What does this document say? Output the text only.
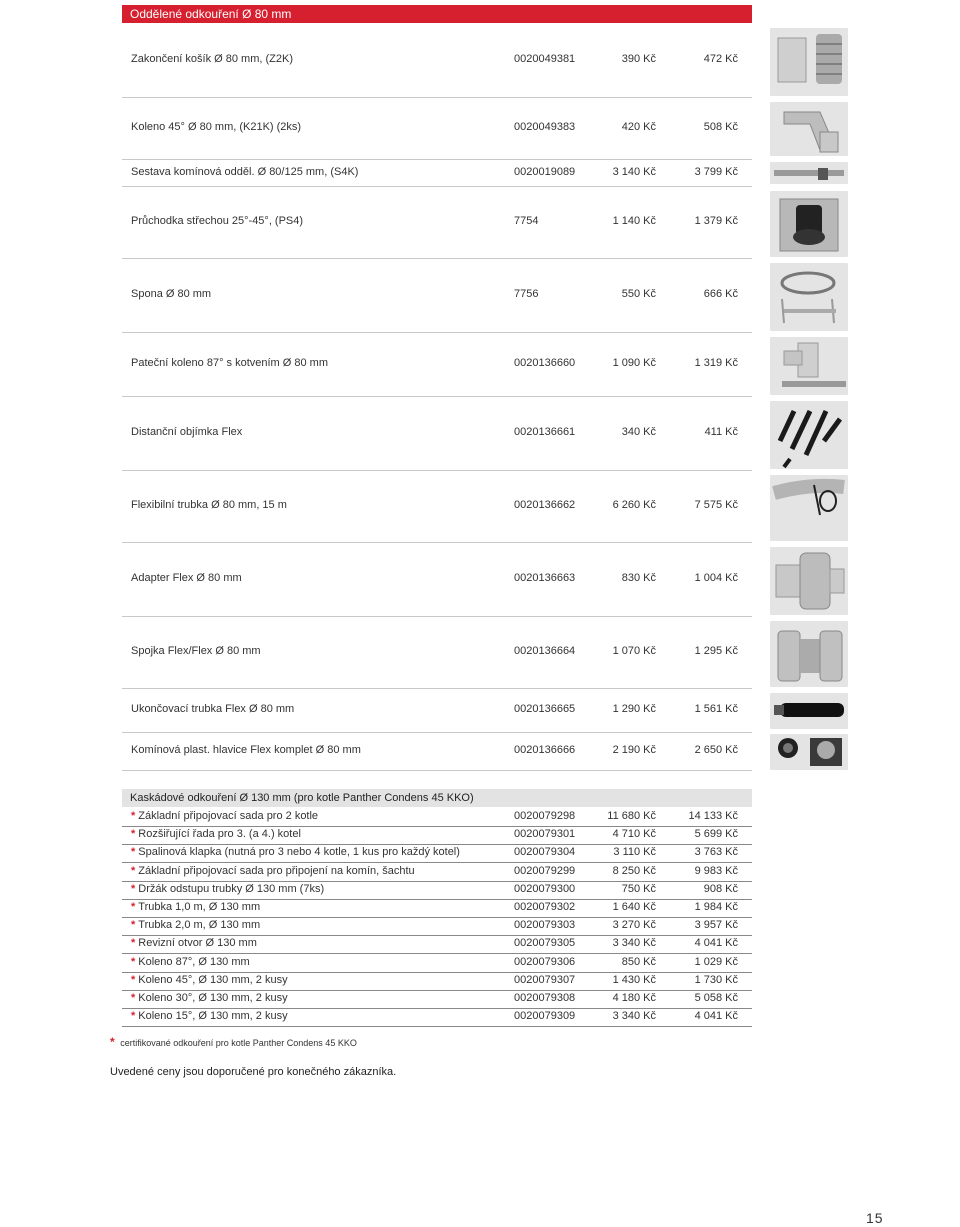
Oddělené odkouření Ø 80 mm
Zakončení košík Ø 80 mm, (Z2K)	0020049381	390 Kč	472 Kč
Koleno 45° Ø 80 mm, (K21K) (2ks)	0020049383	420 Kč	508 Kč
Sestava komínová odděl. Ø 80/125 mm, (S4K)	0020019089	3 140 Kč	3 799 Kč
Průchodka střechou 25°-45°, (PS4)	7754	1 140 Kč	1 379 Kč
Spona Ø 80 mm	7756	550 Kč	666 Kč
Pateční koleno 87° s kotvením Ø 80 mm	0020136660	1 090 Kč	1 319 Kč
Distanční objímka Flex	0020136661	340 Kč	411 Kč
Flexibilní trubka Ø 80 mm, 15 m	0020136662	6 260 Kč	7 575 Kč
Adapter Flex Ø 80 mm	0020136663	830 Kč	1 004 Kč
Spojka Flex/Flex Ø 80 mm	0020136664	1 070 Kč	1 295 Kč
Ukončovací trubka Flex Ø 80 mm	0020136665	1 290 Kč	1 561 Kč
Komínová plast. hlavice Flex komplet Ø 80 mm	0020136666	2 190 Kč	2 650 Kč
Kaskádové odkouření Ø 130 mm (pro kotle Panther Condens 45 KKO)
* Základní připojovací sada pro 2 kotle	0020079298	11 680 Kč	14 133 Kč
* Rozšiřující řada pro 3. (a 4.) kotel	0020079301	4 710 Kč	5 699 Kč
* Spalinová klapka (nutná pro 3 nebo 4 kotle, 1 kus pro každý kotel)	0020079304	3 110 Kč	3 763 Kč
* Základní připojovací sada pro připojení na komín, šachtu	0020079299	8 250 Kč	9 983 Kč
* Držák odstupu trubky Ø 130 mm (7ks)	0020079300	750 Kč	908 Kč
* Trubka 1,0 m, Ø 130 mm	0020079302	1 640 Kč	1 984 Kč
* Trubka 2,0 m, Ø 130 mm	0020079303	3 270 Kč	3 957 Kč
* Revizní otvor Ø 130 mm	0020079305	3 340 Kč	4 041 Kč
* Koleno 87°, Ø 130 mm	0020079306	850 Kč	1 029 Kč
* Koleno 45°, Ø 130 mm, 2 kusy	0020079307	1 430 Kč	1 730 Kč
* Koleno 30°, Ø 130 mm, 2 kusy	0020079308	4 180 Kč	5 058 Kč
* Koleno 15°, Ø 130 mm, 2 kusy	0020079309	3 340 Kč	4 041 Kč
* certifikované odkouření pro kotle Panther Condens 45 KKO
Uvedené ceny jsou doporučené pro konečného zákazníka.
15
